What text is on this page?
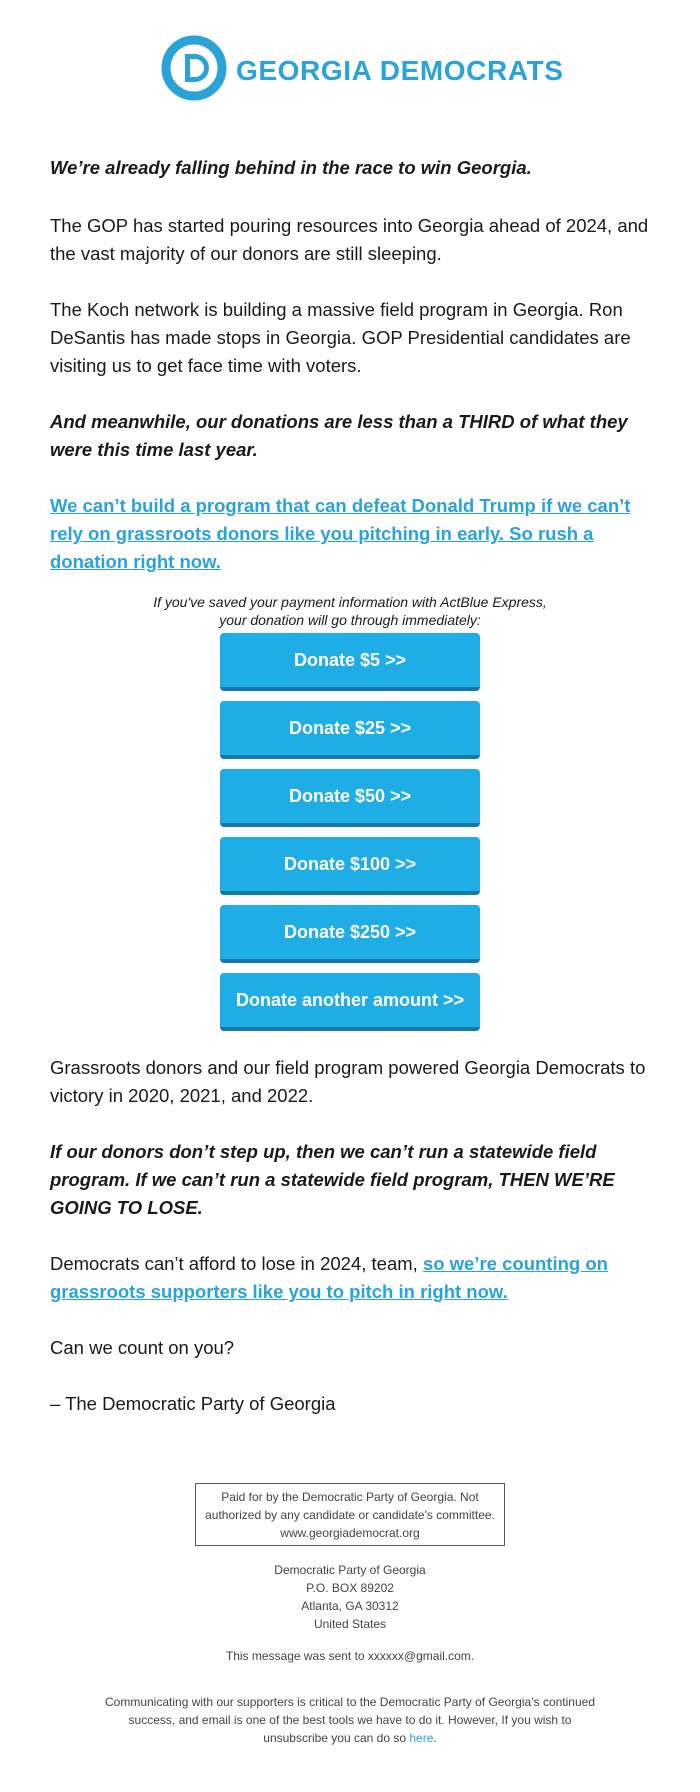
GEORGIA DEMOCRATS

We’re already falling behind in the race to win Georgia.

The GOP has started pouring resources into Georgia ahead of 2024, and the vast majority of our donors are still sleeping.

The Koch network is building a massive field program in Georgia. Ron DeSantis has made stops in Georgia. GOP Presidential candidates are visiting us to get face time with voters.

And meanwhile, our donations are less than a THIRD of what they were this time last year.

We can’t build a program that can defeat Donald Trump if we can’t rely on grassroots donors like you pitching in early. So rush a donation right now.

If you've saved your payment information with ActBlue Express,
your donation will go through immediately:
Donate $5 >>
Donate $25 >>
Donate $50 >>
Donate $100 >>
Donate $250 >>
Donate another amount >>

Grassroots donors and our field program powered Georgia Democrats to victory in 2020, 2021, and 2022.

If our donors don’t step up, then we can’t run a statewide field program. If we can’t run a statewide field program, THEN WE’RE GOING TO LOSE.

Democrats can’t afford to lose in 2024, team, so we’re counting on grassroots supporters like you to pitch in right now.

Can we count on you?

– The Democratic Party of Georgia

Paid for by the Democratic Party of Georgia. Not
authorized by any candidate or candidate's committee.
www.georgiademocrat.org
Democratic Party of Georgia
P.O. BOX 89202
Atlanta, GA 30312
United States
This message was sent to xxxxxx@gmail.com.
Communicating with our supporters is critical to the Democratic Party of Georgia’s continued
success, and email is one of the best tools we have to do it. However, If you wish to
unsubscribe you can do so here.
